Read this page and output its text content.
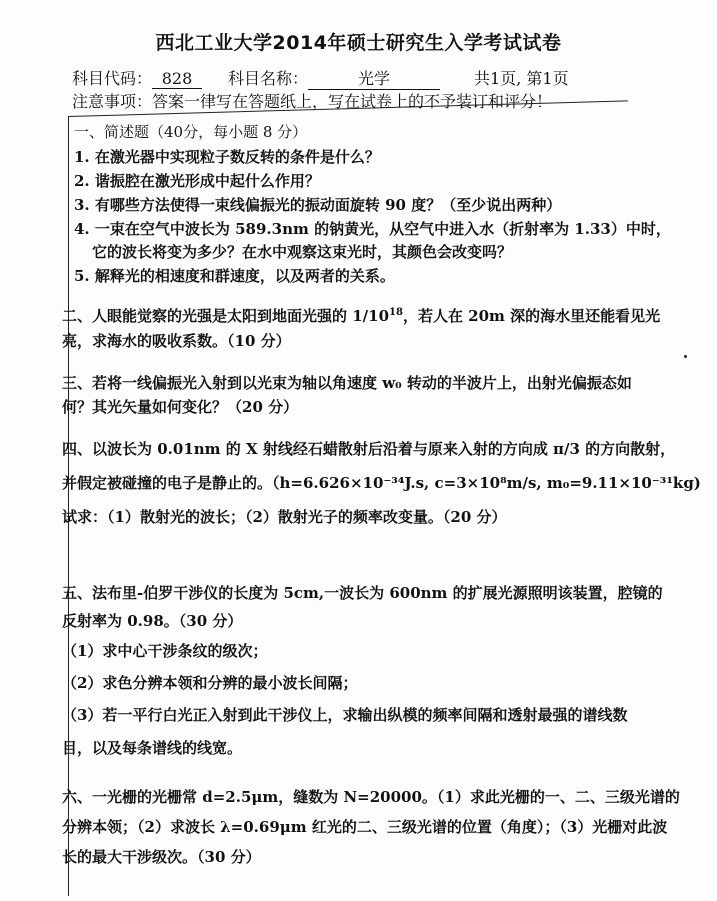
西北工业大学2014年硕士研究生入学考试试卷
科目代码： 828 科目名称：	光学	共1页, 第1页
注意事项：答案一律写在答题纸上，写在试卷上的不予装订和评分！
一、简述题（40分，每小题 8 分）
1. 在激光器中实现粒子数反转的条件是什么？
2. 谐振腔在激光形成中起什么作用？
3. 有哪些方法使得一束线偏振光的振动面旋转 90 度？（至少说出两种）
4. 一束在空气中波长为 589.3nm 的钠黄光，从空气中进入水（折射率为 1.33）中时，
它的波长将变为多少？在水中观察这束光时，其颜色会改变吗？
5. 解释光的相速度和群速度，以及两者的关系。
二、人眼能觉察的光强是太阳到地面光强的 $1/10^{18}$，若人在 20m 深的海水里还能看见光
亮，求海水的吸收系数。（10 分）
三、若将一线偏振光入射到以光束为轴以角速度 w₀ 转动的半波片上，出射光偏振态如
何？其光矢量如何变化？（20 分）
四、以波长为 0.01nm 的 X 射线经石蜡散射后沿着与原来入射的方向成 π/3 的方向散射，
并假定被碰撞的电子是静止的。（h=6.626×10⁻³⁴J.s, c=3×10⁸m/s, m₀=9.11×10⁻³¹kg)
试求：（1）散射光的波长；（2）散射光子的频率改变量。（20 分）
五、法布里-伯罗干涉仪的长度为 5cm,一波长为 600nm 的扩展光源照明该装置，腔镜的
反射率为 0.98。（30 分）
（1）求中心干涉条纹的级次；
（2）求色分辨本领和分辨的最小波长间隔；
（3）若一平行白光正入射到此干涉仪上，求输出纵模的频率间隔和透射最强的谱线数
目，以及每条谱线的线宽。
六、一光栅的光栅常 d=2.5μm，缝数为 N=20000。（1）求此光栅的一、二、三级光谱的
分辨本领；（2）求波长 λ=0.69μm 红光的二、三级光谱的位置（角度）；（3）光栅对此波
长的最大干涉级次。（30 分）
